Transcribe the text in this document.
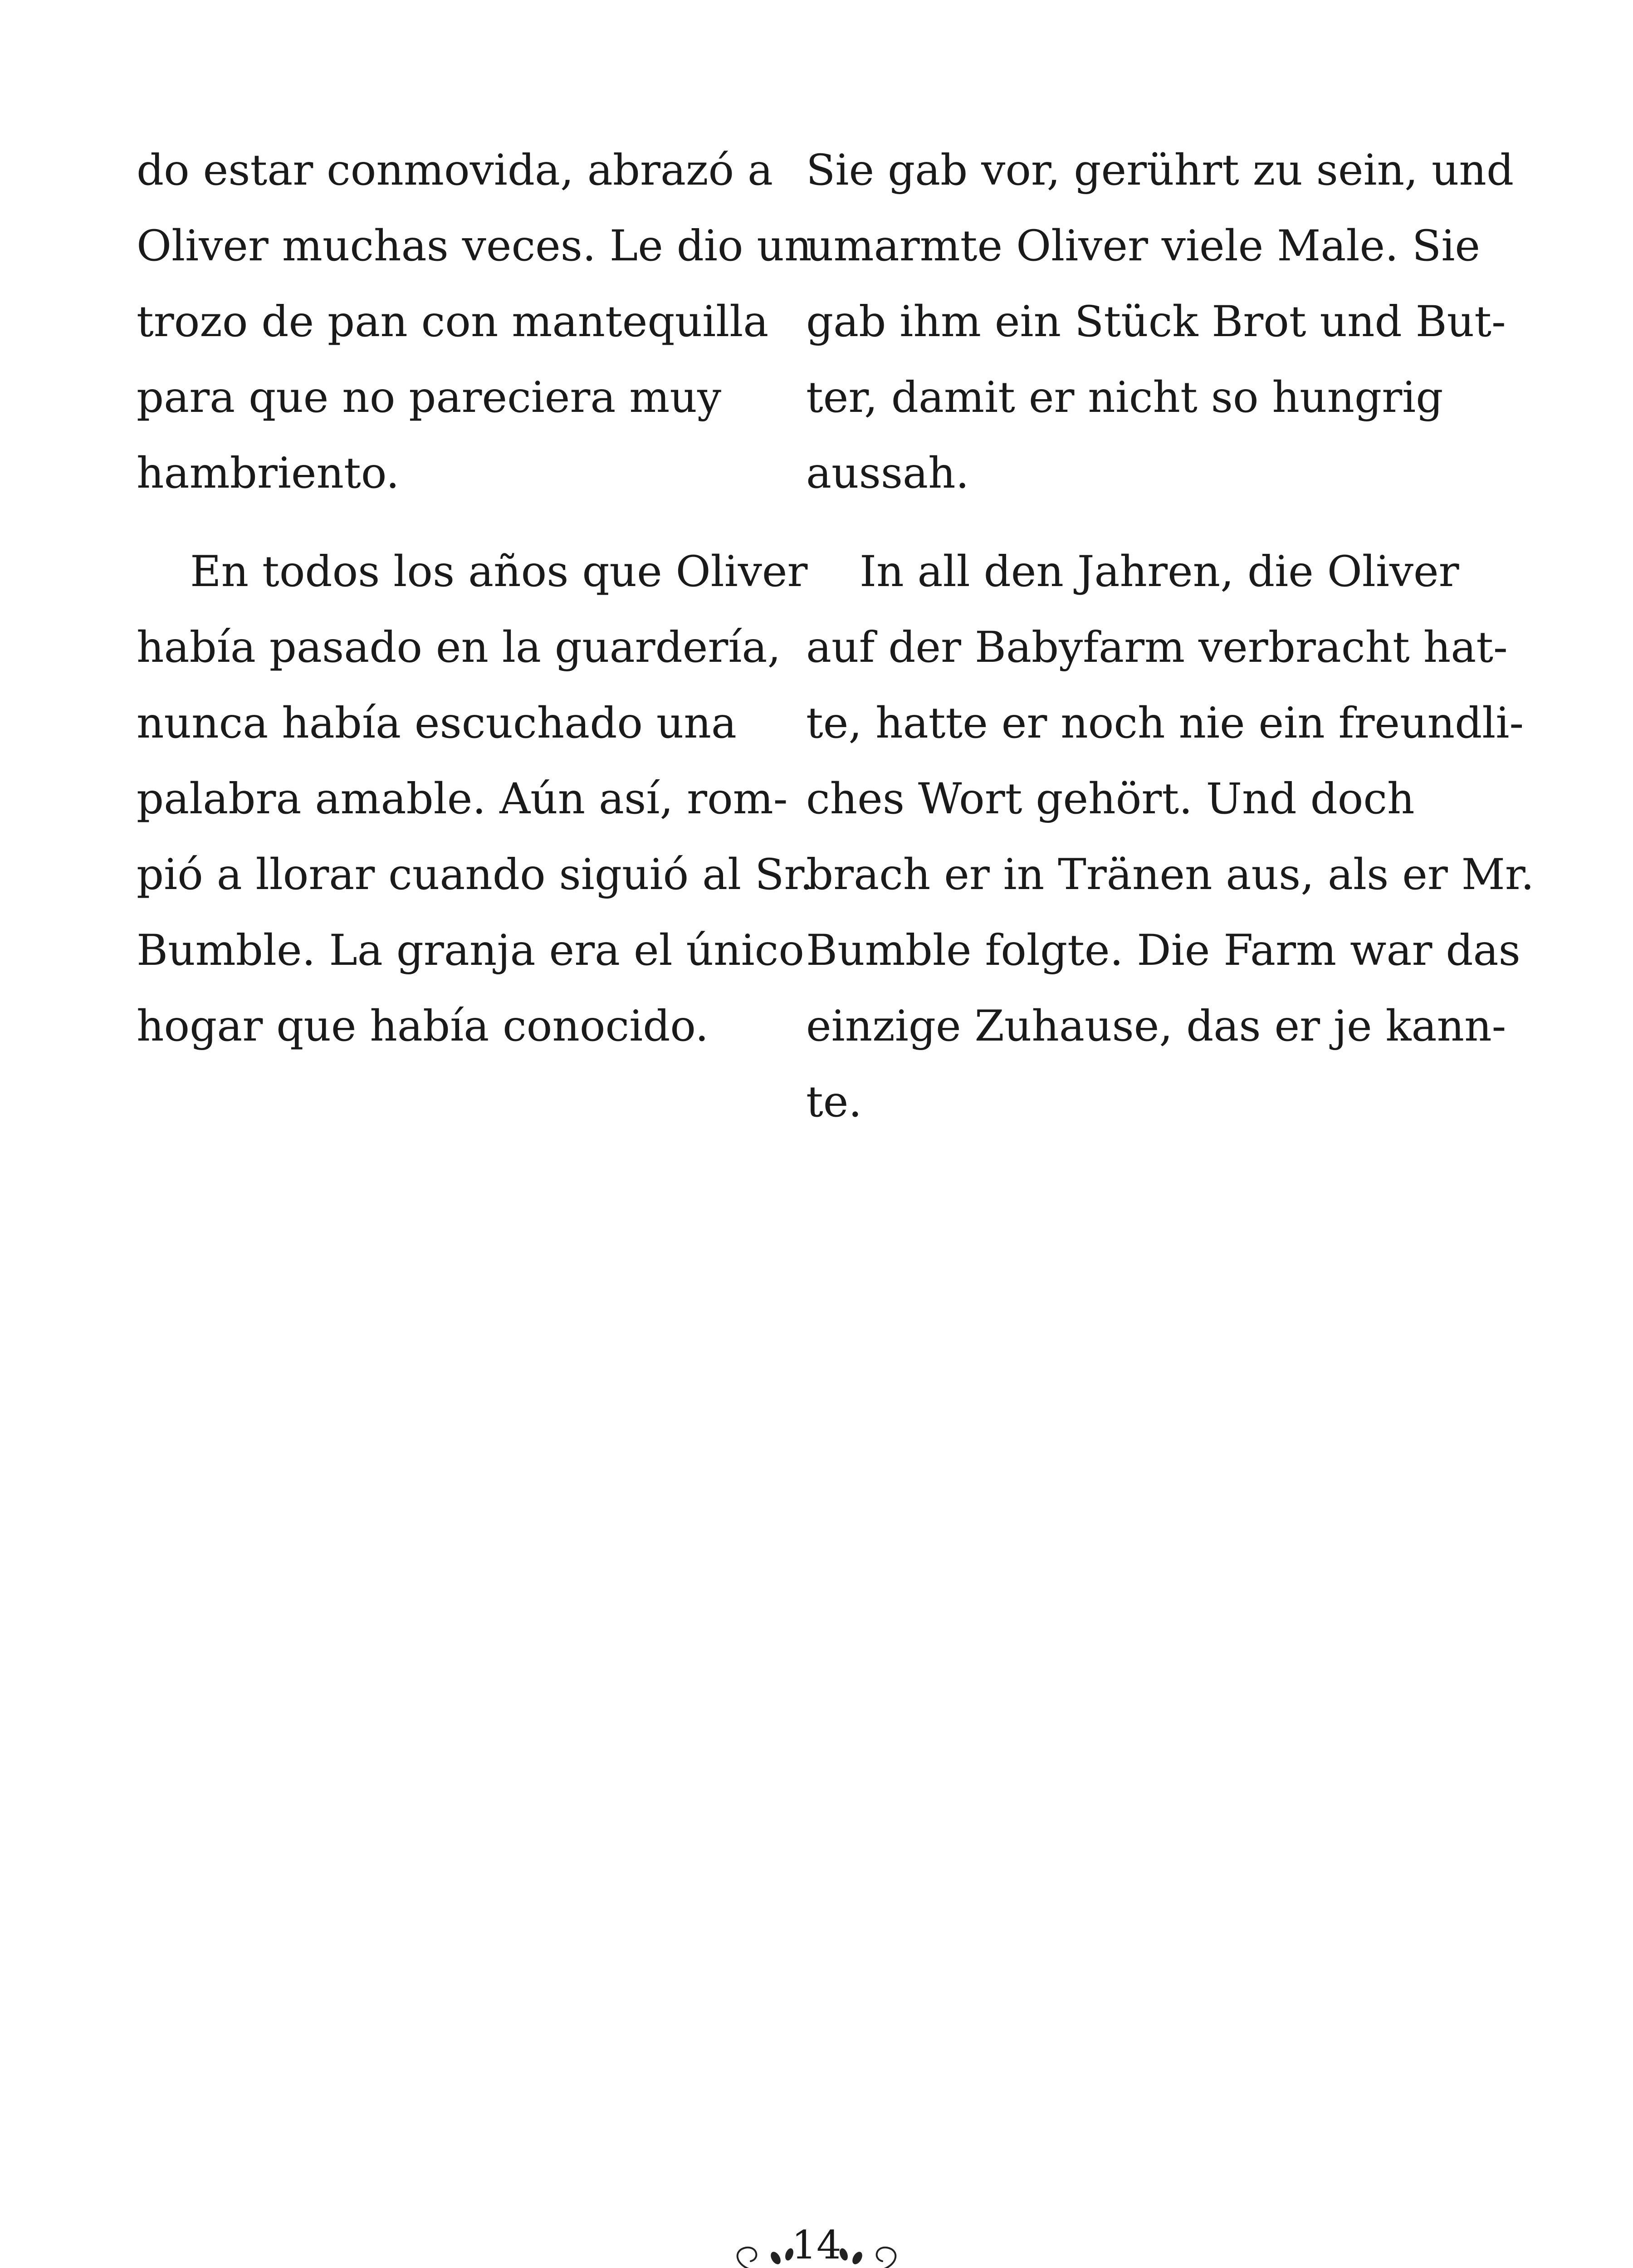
do estar conmovida, abrazó a
Oliver muchas veces. Le dio un
trozo de pan con mantequilla
para que no pareciera muy
hambriento.
En todos los años que Oliver
había pasado en la guardería,
nunca había escuchado una
palabra amable. Aún así, rom-
pió a llorar cuando siguió al Sr.
Bumble. La granja era el único
hogar que había conocido.
Sie gab vor, gerührt zu sein, und
umarmte Oliver viele Male. Sie
gab ihm ein Stück Brot und But-
ter, damit er nicht so hungrig
aussah.
In all den Jahren, die Oliver
auf der Babyfarm verbracht hat-
te, hatte er noch nie ein freundli-
ches Wort gehört. Und doch
brach er in Tränen aus, als er Mr.
Bumble folgte. Die Farm war das
einzige Zuhause, das er je kann-
te.
14
